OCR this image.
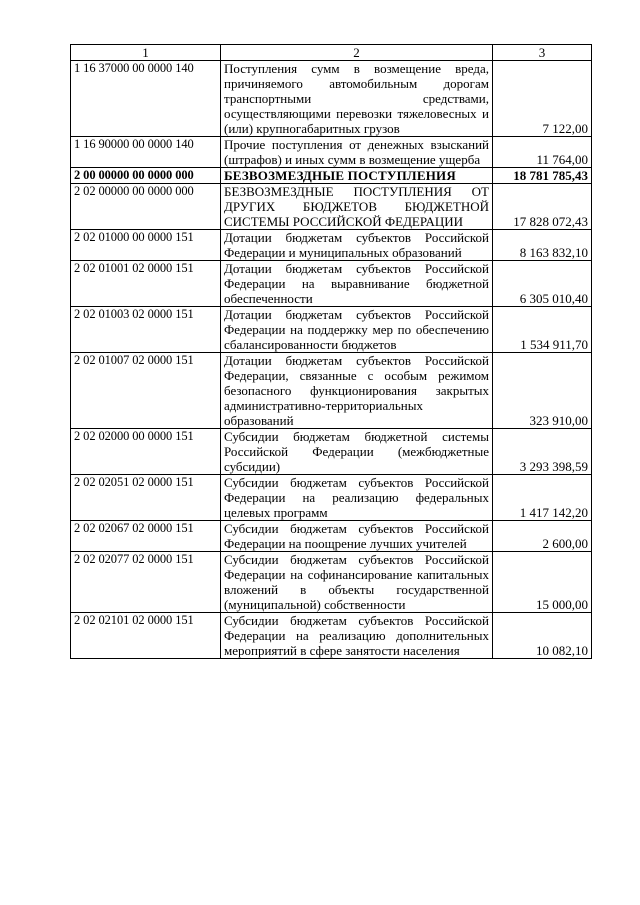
1	2	3
1 16 37000 00 0000 140	Поступления сумм в возмещение вреда, причиняемого автомобильным дорогам транспортными средствами, осуществляющими перевозки тяжеловесных и (или) крупногабаритных грузов	7 122,00
1 16 90000 00 0000 140	Прочие поступления от денежных взысканий (штрафов) и иных сумм в возмещение ущерба	11 764,00
2 00 00000 00 0000 000	БЕЗВОЗМЕЗДНЫЕ ПОСТУПЛЕНИЯ	18 781 785,43
2 02 00000 00 0000 000	БЕЗВОЗМЕЗДНЫЕ ПОСТУПЛЕНИЯ ОТ ДРУГИХ БЮДЖЕТОВ БЮДЖЕТНОЙ СИСТЕМЫ РОССИЙСКОЙ ФЕДЕРАЦИИ	17 828 072,43
2 02 01000 00 0000 151	Дотации бюджетам субъектов Российской Федерации и муниципальных образований	8 163 832,10
2 02 01001 02 0000 151	Дотации бюджетам субъектов Российской Федерации на выравнивание бюджетной обеспеченности	6 305 010,40
2 02 01003 02 0000 151	Дотации бюджетам субъектов Российской Федерации на поддержку мер по обеспечению сбалансированности бюджетов	1 534 911,70
2 02 01007 02 0000 151	Дотации бюджетам субъектов Российской Федерации, связанные с особым режимом безопасного функционирования закрытых административно-территориальных образований	323 910,00
2 02 02000 00 0000 151	Субсидии бюджетам бюджетной системы Российской Федерации (межбюджетные субсидии)	3 293 398,59
2 02 02051 02 0000 151	Субсидии бюджетам субъектов Российской Федерации на реализацию федеральных целевых программ	1 417 142,20
2 02 02067 02 0000 151	Субсидии бюджетам субъектов Российской Федерации на поощрение лучших учителей	2 600,00
2 02 02077 02 0000 151	Субсидии бюджетам субъектов Российской Федерации на софинансирование капитальных вложений в объекты государственной (муниципальной) собственности	15 000,00
2 02 02101 02 0000 151	Субсидии бюджетам субъектов Российской Федерации на реализацию дополнительных мероприятий в сфере занятости населения	10 082,10
